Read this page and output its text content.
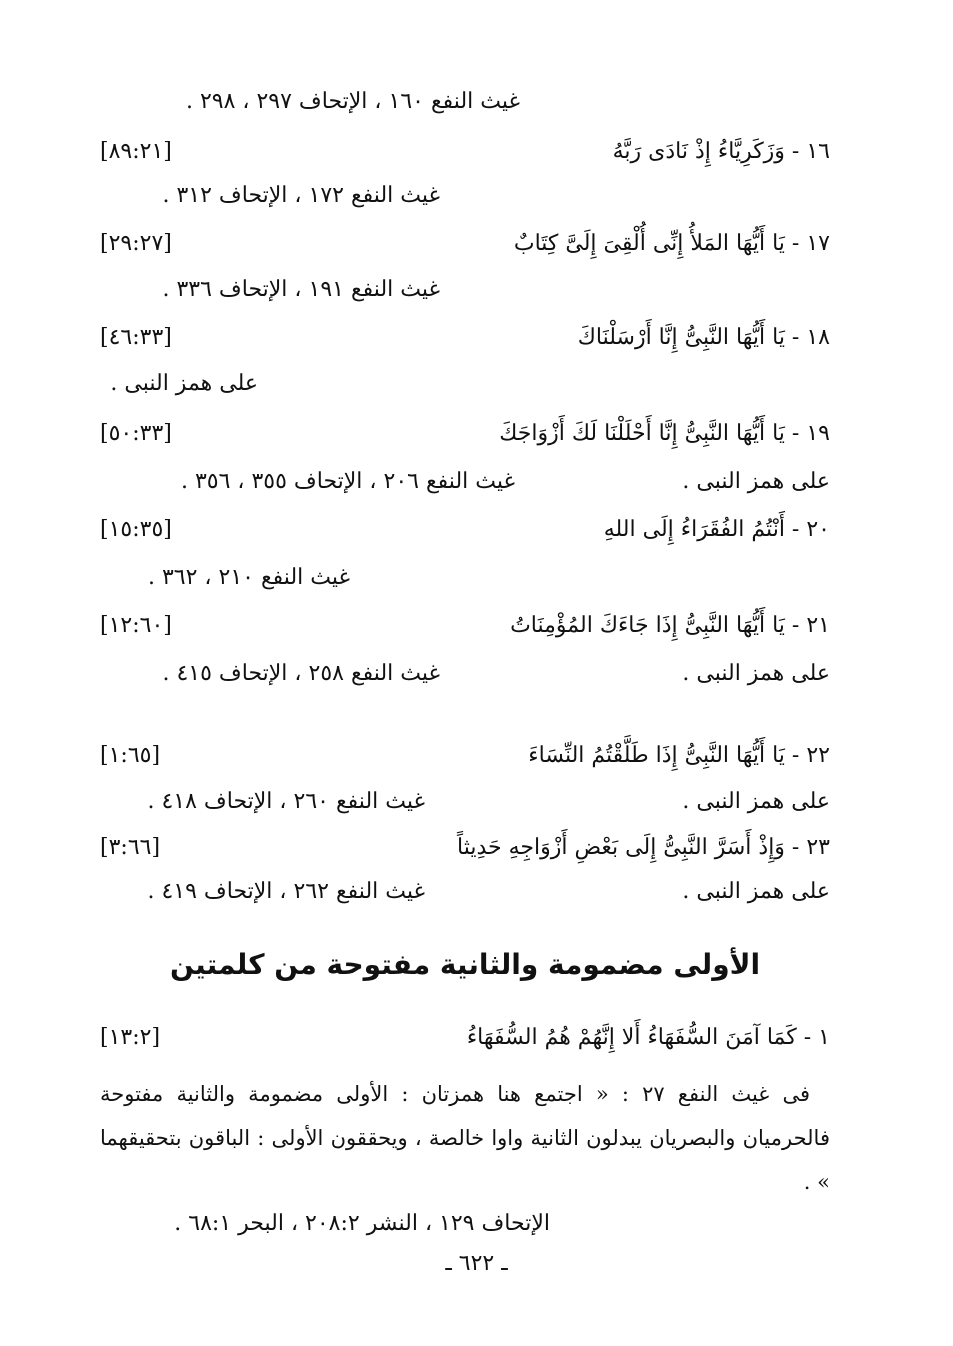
غيث النفع ١٦٠ ، الإتحاف ٢٩٧ ، ٢٩٨ .
١٦ - وَزَكَرِيَّاءُ إِذْ نَادَى رَبَّهُ
[٨٩:٢١]
غيث النفع ١٧٢ ، الإتحاف ٣١٢ .
١٧ - يَا أَيُّهَا المَلأُ إِنِّى أُلْقِىَ إِلَىَّ كِتَابٌ
[٢٩:٢٧]
غيث النفع ١٩١ ، الإتحاف ٣٣٦ .
١٨ - يَا أَيُّهَا النَّبِىُّ إِنَّا أَرْسَلْنَاكَ
[٤٦:٣٣]
على همز النبى .
١٩ - يَا أَيُّهَا النَّبِىُّ إِنَّا أَحْلَلْنَا لَكَ أَزْوَاجَكَ
[٥٠:٣٣]
على همز النبى .
غيث النفع ٢٠٦ ، الإتحاف ٣٥٥ ، ٣٥٦ .
٢٠ - أَنْتُمُ الفُقَرَاءُ إِلَى اللهِ
[١٥:٣٥]
غيث النفع ٢١٠ ، ٣٦٢ .
٢١ - يَا أَيُّهَا النَّبِىُّ إِذَا جَاءَكَ المُؤْمِنَاتُ
[١٢:٦٠]
على همز النبى .
غيث النفع ٢٥٨ ، الإتحاف ٤١٥ .
٢٢ - يَا أَيُّهَا النَّبِىُّ إِذَا طَلَّقْتُمُ النِّسَاءَ
[١:٦٥]
على همز النبى .
غيث النفع ٢٦٠ ، الإتحاف ٤١٨ .
٢٣ - وَإِذْ أَسَرَّ النَّبِىُّ إِلَى بَعْضِ أَزْوَاجِهِ حَدِيثاً
[٣:٦٦]
على همز النبى .
غيث النفع ٢٦٢ ، الإتحاف ٤١٩ .
الأولى مضمومة والثانية مفتوحة من كلمتين
١ - كَمَا آمَنَ السُّفَهَاءُ أَلا إِنَّهُمْ هُمُ السُّفَهَاءُ
[١٣:٢]
فى غيث النفع ٢٧ : « اجتمع هنا همزتان : الأولى مضمومة والثانية مفتوحة فالحرميان والبصريان يبدلون الثانية واوا خالصة ، ويحققون الأولى : الباقون بتحقيقهما » .
الإتحاف ١٢٩ ، النشر ٢٠٨:٢ ، البحر ٦٨:١ .
ـ ٦٢٢ ـ
